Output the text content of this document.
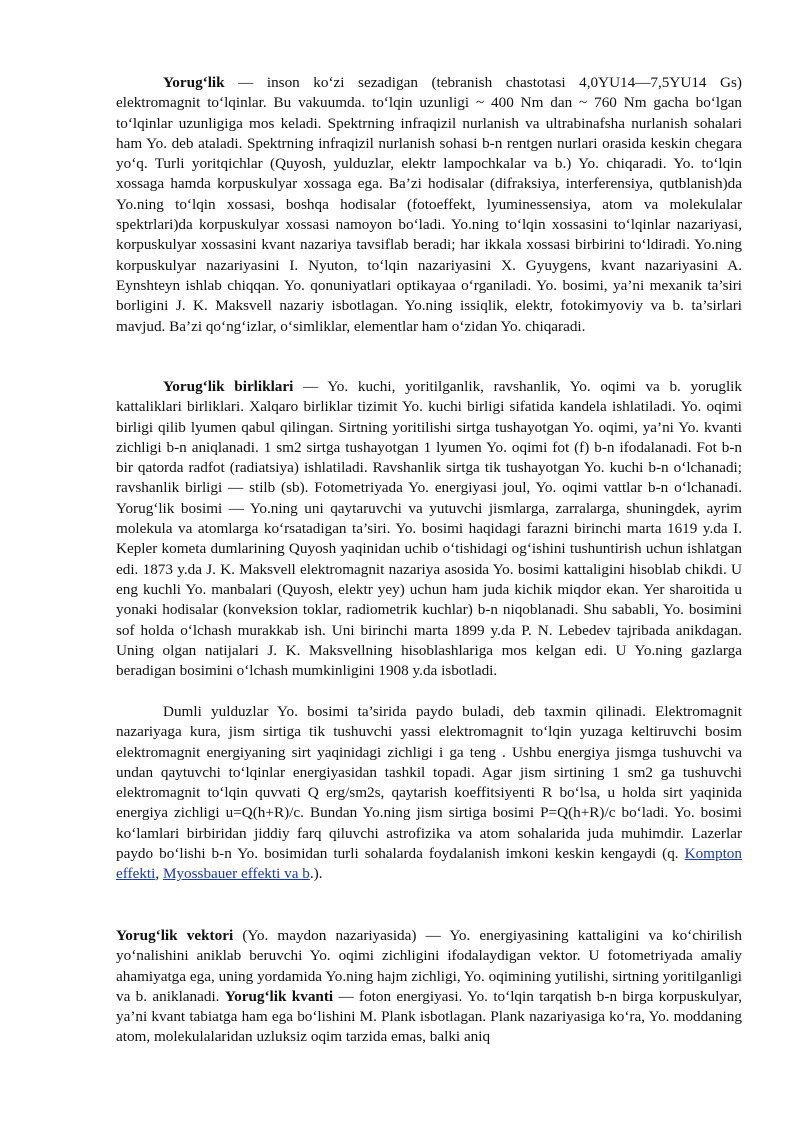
Yorug‘lik — inson ko‘zi sezadigan (tebranish chastotasi 4,0YU14—7,5YU14 Gs) elektromagnit to‘lqinlar. Bu vakuumda. to‘lqin uzunligi ~ 400 Nm dan ~ 760 Nm gacha bo‘lgan to‘lqinlar uzunligiga mos keladi. Spektrning infraqizil nurlanish va ultrabinafsha nurlanish sohalari ham Yo. deb ataladi. Spektrning infraqizil nurlanish sohasi b-n rentgen nurlari orasida keskin chegara yo‘q. Turli yoritqichlar (Quyosh, yulduzlar, elektr lampochkalar va b.) Yo. chiqaradi. Yo. to‘lqin xossaga hamda korpuskulyar xossaga ega. Ba’zi hodisalar (difraksiya, interferensiya, qutblanish)da Yo.ning to‘lqin xossasi, boshqa hodisalar (fotoeffekt, lyuminessensiya, atom va molekulalar spektrlari)da korpuskulyar xossasi namoyon bo‘ladi. Yo.ning to‘lqin xossasini to‘lqinlar nazariyasi, korpuskulyar xossasini kvant nazariya tavsiflab beradi; har ikkala xossasi birbirini to‘ldiradi. Yo.ning korpuskulyar nazariyasini I. Nyuton, to‘lqin nazariyasini X. Gyuygens, kvant nazariyasini A. Eynshteyn ishlab chiqqan. Yo. qonuniyatlari optikayaa o‘rganiladi. Yo. bosimi, ya’ni mexanik ta’siri borligini J. K. Maksvell nazariy isbotlagan. Yo.ning issiqlik, elektr, fotokimyoviy va b. ta’sirlari mavjud. Ba’zi qo‘ng‘izlar, o‘simliklar, elementlar ham o‘zidan Yo. chiqaradi.

Yorug‘lik birliklari — Yo. kuchi, yoritilganlik, ravshanlik, Yo. oqimi va b. yoruglik kattaliklari birliklari. Xalqaro birliklar tizimit Yo. kuchi birligi sifatida kandela ishlatiladi. Yo. oqimi birligi qilib lyumen qabul qilingan. Sirtning yoritilishi sirtga tushayotgan Yo. oqimi, ya’ni Yo. kvanti zichligi b-n aniqlanadi. 1 sm2 sirtga tushayotgan 1 lyumen Yo. oqimi fot (f) b-n ifodalanadi. Fot b-n bir qatorda radfot (radiatsiya) ishlatiladi. Ravshanlik sirtga tik tushayotgan Yo. kuchi b-n o‘lchanadi; ravshanlik birligi — stilb (sb). Fotometriyada Yo. energiyasi joul, Yo. oqimi vattlar b-n o‘lchanadi. Yorug‘lik bosimi — Yo.ning uni qaytaruvchi va yutuvchi jismlarga, zarralarga, shuningdek, ayrim molekula va atomlarga ko‘rsatadigan ta’siri. Yo. bosimi haqidagi farazni birinchi marta 1619 y.da I. Kepler kometa dumlarining Quyosh yaqinidan uchib o‘tishidagi og‘ishini tushuntirish uchun ishlatgan edi. 1873 y.da J. K. Maksvell elektromagnit nazariya asosida Yo. bosimi kattaligini hisoblab chikdi. U eng kuchli Yo. manbalari (Quyosh, elektr yey) uchun ham juda kichik miqdor ekan. Yer sharoitida u yonaki hodisalar (konveksion toklar, radiometrik kuchlar) b-n niqoblanadi. Shu sababli, Yo. bosimini sof holda o‘lchash murakkab ish. Uni birinchi marta 1899 y.da P. N. Lebedev tajribada anikdagan. Uning olgan natijalari J. K. Maksvellning hisoblashlariga mos kelgan edi. U Yo.ning gazlarga beradigan bosimini o‘lchash mumkinligini 1908 y.da isbotladi.

Dumli yulduzlar Yo. bosimi ta’sirida paydo buladi, deb taxmin qilinadi. Elektromagnit nazariyaga kura, jism sirtiga tik tushuvchi yassi elektromagnit to‘lqin yuzaga keltiruvchi bosim elektromagnit energiyaning sirt yaqinidagi zichligi i ga teng . Ushbu energiya jismga tushuvchi va undan qaytuvchi to‘lqinlar energiyasidan tashkil topadi. Agar jism sirtining 1 sm2 ga tushuvchi elektromagnit to‘lqin quvvati Q erg/sm2s, qaytarish koeffitsiyenti R bo‘lsa, u holda sirt yaqinida energiya zichligi u=Q(h+R)/c. Bundan Yo.ning jism sirtiga bosimi P=Q(h+R)/c bo‘ladi. Yo. bosimi ko‘lamlari birbiridan jiddiy farq qiluvchi astrofizika va atom sohalarida juda muhimdir. Lazerlar paydo bo‘lishi b-n Yo. bosimidan turli sohalarda foydalanish imkoni keskin kengaydi (q. Kompton effekti, Myossbauer effekti va b.).

Yorug‘lik vektori (Yo. maydon nazariyasida) — Yo. energiyasining kattaligini va ko‘chirilish yo‘nalishini aniklab beruvchi Yo. oqimi zichligini ifodalaydigan vektor. U fotometriyada amaliy ahamiyatga ega, uning yordamida Yo.ning hajm zichligi, Yo. oqimining yutilishi, sirtning yoritilganligi va b. aniklanadi. Yorug‘lik kvanti — foton energiyasi. Yo. to‘lqin tarqatish b-n birga korpuskulyar, ya’ni kvant tabiatga ham ega bo‘lishini M. Plank isbotlagan. Plank nazariyasiga ko‘ra, Yo. moddaning atom, molekulalaridan uzluksiz oqim tarzida emas, balki aniq
